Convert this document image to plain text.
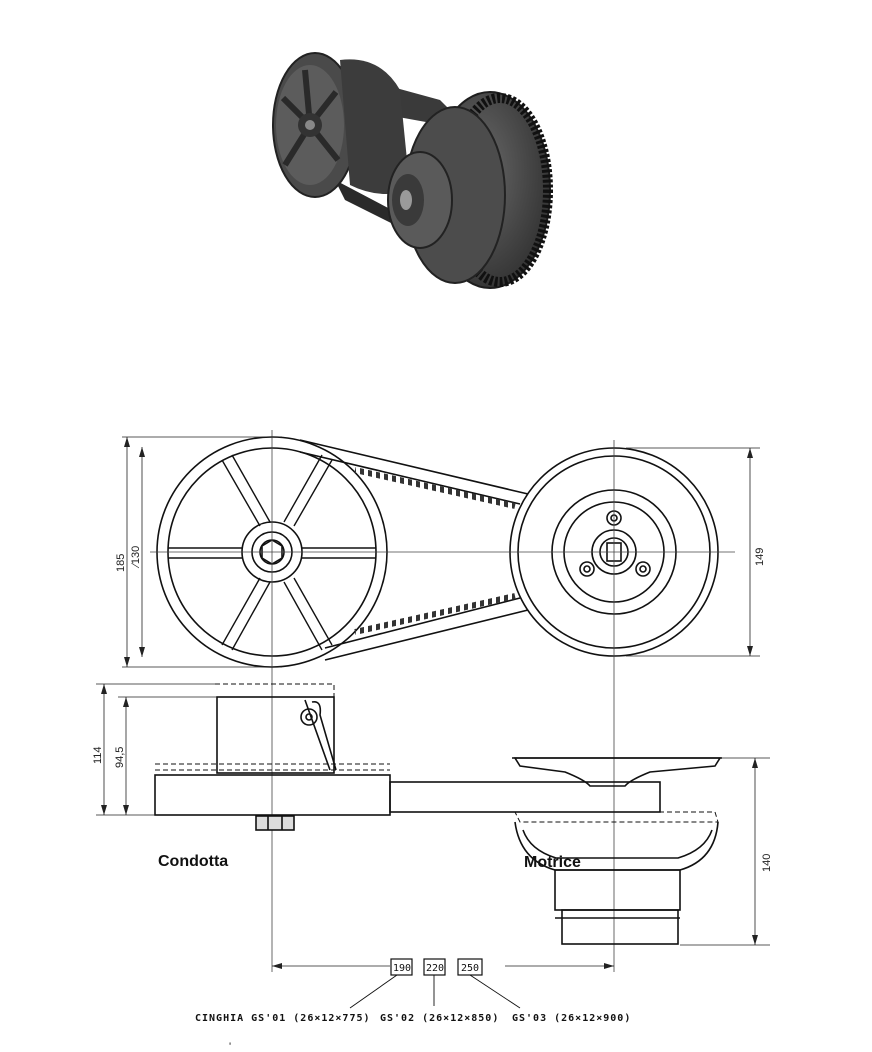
185 ∕130	149
114 94,5
140
Condotta	Motrice
190 220 250
CINGHIA GS'01 (26×12×775) GS'02 (26×12×850) GS'03 (26×12×900)
'
